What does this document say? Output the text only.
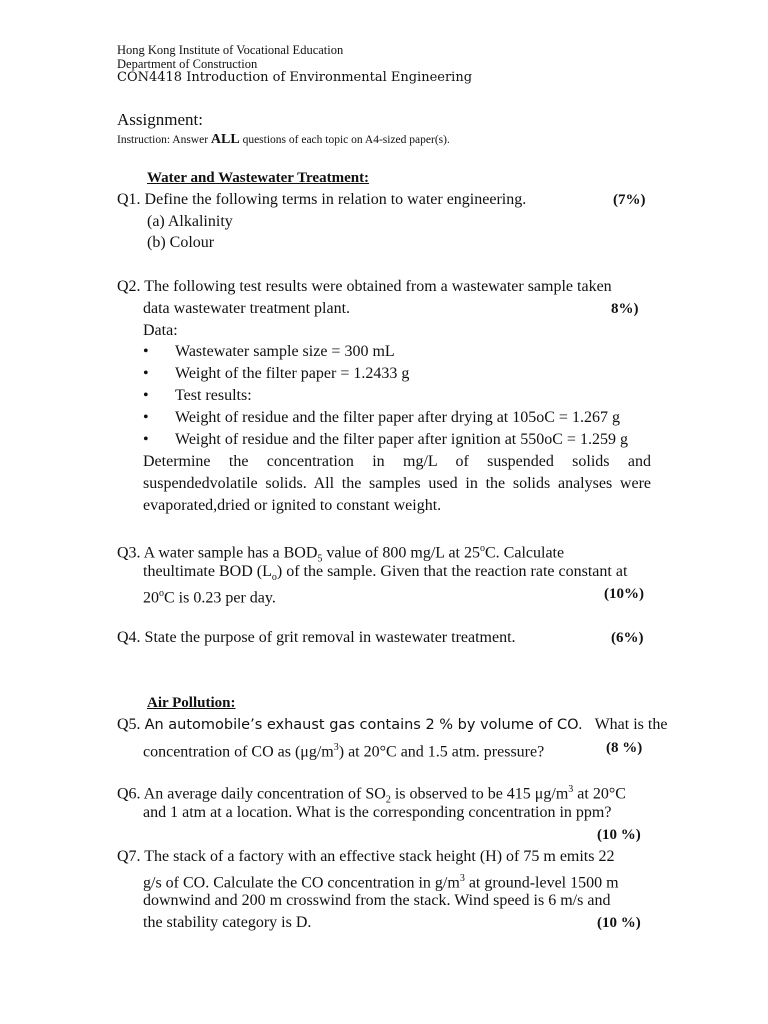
Hong Kong Institute of Vocational Education
Department of Construction
CON4418 Introduction of Environmental Engineering
Assignment:
Instruction: Answer ALL questions of each topic on A4-sized paper(s).
Water and Wastewater Treatment:
Q1. Define the following terms in relation to water engineering.	(7%)
(a) Alkalinity
(b) Colour
Q2. The following test results were obtained from a wastewater sample taken
data wastewater treatment plant.	8%)
Data:
• Wastewater sample size = 300 mL
• Weight of the filter paper = 1.2433 g
• Test results:
• Weight of residue and the filter paper after drying at 105oC = 1.267 g
• Weight of residue and the filter paper after ignition at 550oC = 1.259 g
Determine the concentration in mg/L of suspended solids and
suspendedvolatile solids. All the samples used in the solids analyses were
evaporated,dried or ignited to constant weight.
Q3. A water sample has a $BOD_5$ value of 800 mg/L at 25$^o$C. Calculate
theultimate BOD $(L_o)$ of the sample. Given that the reaction rate constant at
20$^o$C is 0.23 per day.	(10%)
Q4. State the purpose of grit removal in wastewater treatment.	(6%)
Air Pollution:
Q5. An automobile’s exhaust gas contains 2 % by volume of CO. What is the
concentration of CO as $(\mu g/m^3)$ at 20°C and 1.5 atm. pressure?	(8 %)
Q6. An average daily concentration of $SO_2$ is observed to be 415 $\mu g/m^3$ at 20°C
and 1 atm at a location. What is the corresponding concentration in ppm?
(10 %)
Q7. The stack of a factory with an effective stack height (H) of 75 m emits 22
g/s of CO. Calculate the CO concentration in $g/m^3$ at ground-level 1500 m
downwind and 200 m crosswind from the stack. Wind speed is 6 m/s and
the stability category is D.	(10 %)
